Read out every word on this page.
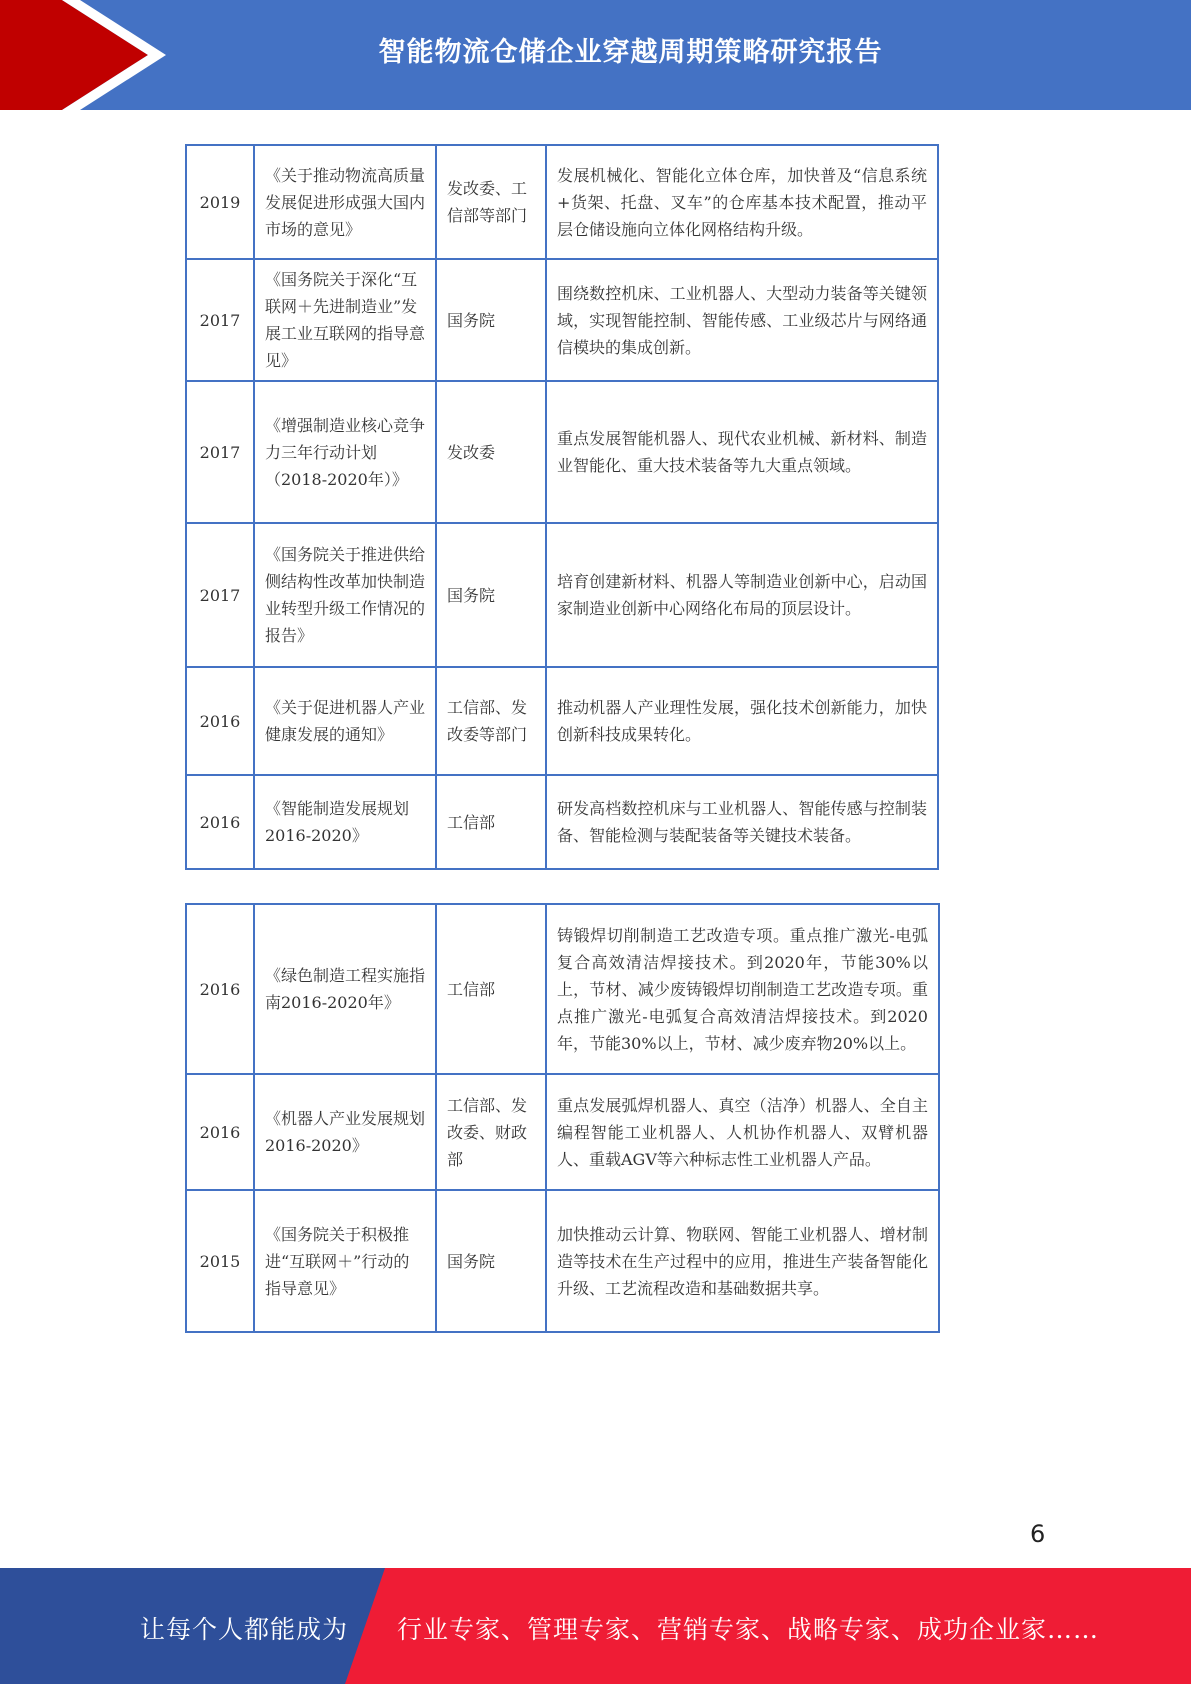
智能物流仓储企业穿越周期策略研究报告
2019	《关于推动物流高质量发展促进形成强大国内市场的意见》	发改委、工信部等部门	发展机械化、智能化立体仓库，加快普及“信息系统+货架、托盘、叉车”的仓库基本技术配置，推动平层仓储设施向立体化网格结构升级。
2017	《国务院关于深化“互联网＋先进制造业”发展工业互联网的指导意见》	国务院	围绕数控机床、工业机器人、大型动力装备等关键领域，实现智能控制、智能传感、工业级芯片与网络通信模块的集成创新。
2017	《增强制造业核心竞争力三年行动计划（2018-2020年）》	发改委	重点发展智能机器人、现代农业机械、新材料、制造业智能化、重大技术装备等九大重点领域。
2017	《国务院关于推进供给侧结构性改革加快制造业转型升级工作情况的报告》	国务院	培育创建新材料、机器人等制造业创新中心，启动国家制造业创新中心网络化布局的顶层设计。
2016	《关于促进机器人产业健康发展的通知》	工信部、发改委等部门	推动机器人产业理性发展，强化技术创新能力，加快创新科技成果转化。
2016	《智能制造发展规划2016-2020》	工信部	研发高档数控机床与工业机器人、智能传感与控制装备、智能检测与装配装备等关键技术装备。
2016	《绿色制造工程实施指南2016-2020年》	工信部	铸锻焊切削制造工艺改造专项。重点推广激光-电弧复合高效清洁焊接技术。到2020年，节能30%以上，节材、减少废铸锻焊切削制造工艺改造专项。重点推广激光-电弧复合高效清洁焊接技术。到2020年，节能30%以上，节材、减少废弃物20%以上。
2016	《机器人产业发展规划2016-2020》	工信部、发改委、财政部	重点发展弧焊机器人、真空（洁净）机器人、全自主编程智能工业机器人、人机协作机器人、双臂机器人、重载AGV等六种标志性工业机器人产品。
2015	《国务院关于积极推进“互联网＋”行动的指导意见》	国务院	加快推动云计算、物联网、智能工业机器人、增材制造等技术在生产过程中的应用，推进生产装备智能化升级、工艺流程改造和基础数据共享。
6
让每个人都能成为 行业专家、管理专家、营销专家、战略专家、成功企业家……
